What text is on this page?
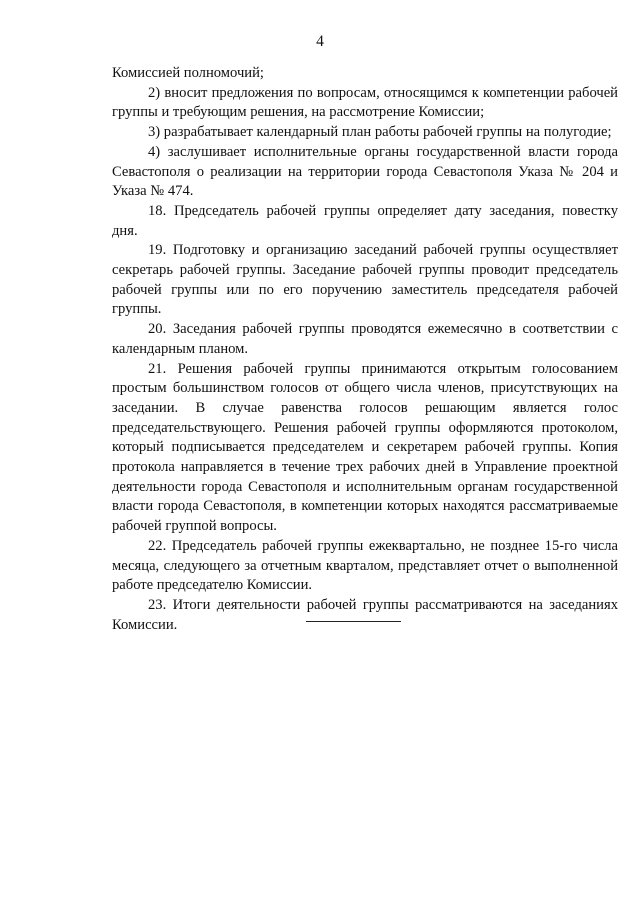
4

Комиссией полномочий;

2) вносит предложения по вопросам, относящимся к компетенции рабочей группы и требующим решения, на рассмотрение Комиссии;

3) разрабатывает календарный план работы рабочей группы на полугодие;

4) заслушивает исполнительные органы государственной власти города Севастополя о реализации на территории города Севастополя Указа № 204 и Указа № 474.

18. Председатель рабочей группы определяет дату заседания, повестку дня.

19. Подготовку и организацию заседаний рабочей группы осуществляет секретарь рабочей группы. Заседание рабочей группы проводит председатель рабочей группы или по его поручению заместитель председателя рабочей группы.

20. Заседания рабочей группы проводятся ежемесячно в соответствии с календарным планом.

21. Решения рабочей группы принимаются открытым голосованием простым большинством голосов от общего числа членов, присутствующих на заседании. В случае равенства голосов решающим является голос председательствующего. Решения рабочей группы оформляются протоколом, который подписывается председателем и секретарем рабочей группы. Копия протокола направляется в течение трех рабочих дней в Управление проектной деятельности города Севастополя и исполнительным органам государственной власти города Севастополя, в компетенции которых находятся рассматриваемые рабочей группой вопросы.

22. Председатель рабочей группы ежеквартально, не позднее 15-го числа месяца, следующего за отчетным кварталом, представляет отчет о выполненной работе председателю Комиссии.

23. Итоги деятельности рабочей группы рассматриваются на заседаниях Комиссии.
